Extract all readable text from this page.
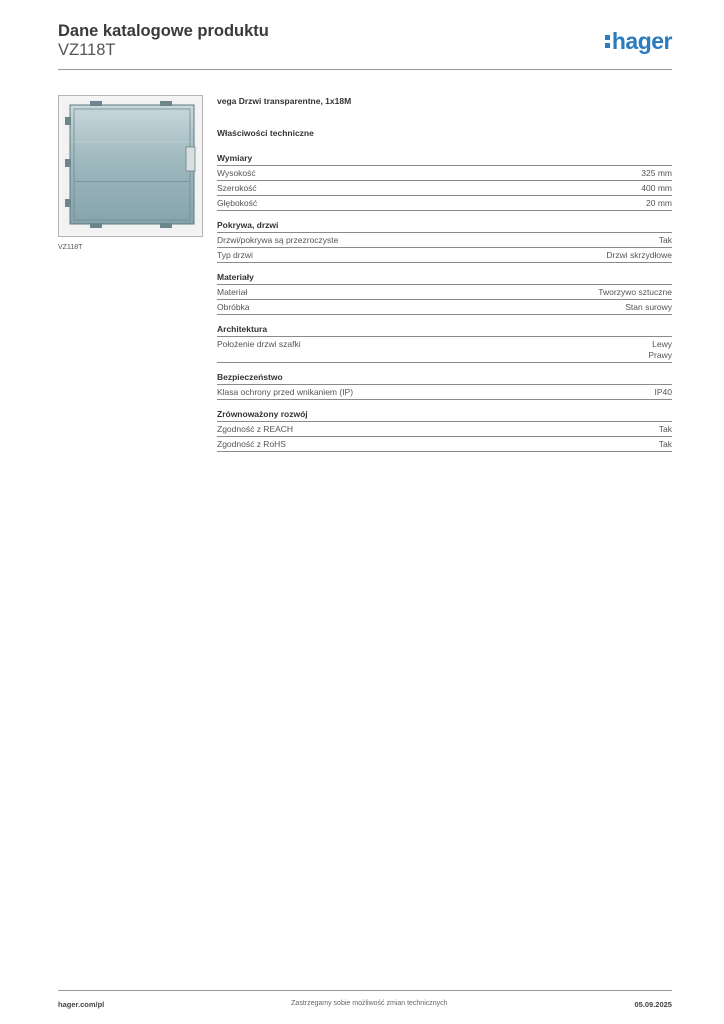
Dane katalogowe produktu
VZ118T	hager
VZ118T
vega Drzwi transparentne, 1x18M
Właściwości techniczne
Wymiary
Wysokość	325 mm
Szerokość	400 mm
Głębokość	20 mm
Pokrywa, drzwi
Drzwi/pokrywa są przezroczyste	Tak
Typ drzwi	Drzwi skrzydłowe
Materiały
Materiał	Tworzywo sztuczne
Obróbka	Stan surowy
Architektura
Położenie drzwi szafki	Lewy
Prawy
Bezpieczeństwo
Klasa ochrony przed wnikaniem (IP)	IP40
Zrównoważony rozwój
Zgodność z REACH	Tak
Zgodność z RoHS	Tak
hager.com/pl	Zastrzegamy sobie możliwość zmian technicznych	05.09.2025
